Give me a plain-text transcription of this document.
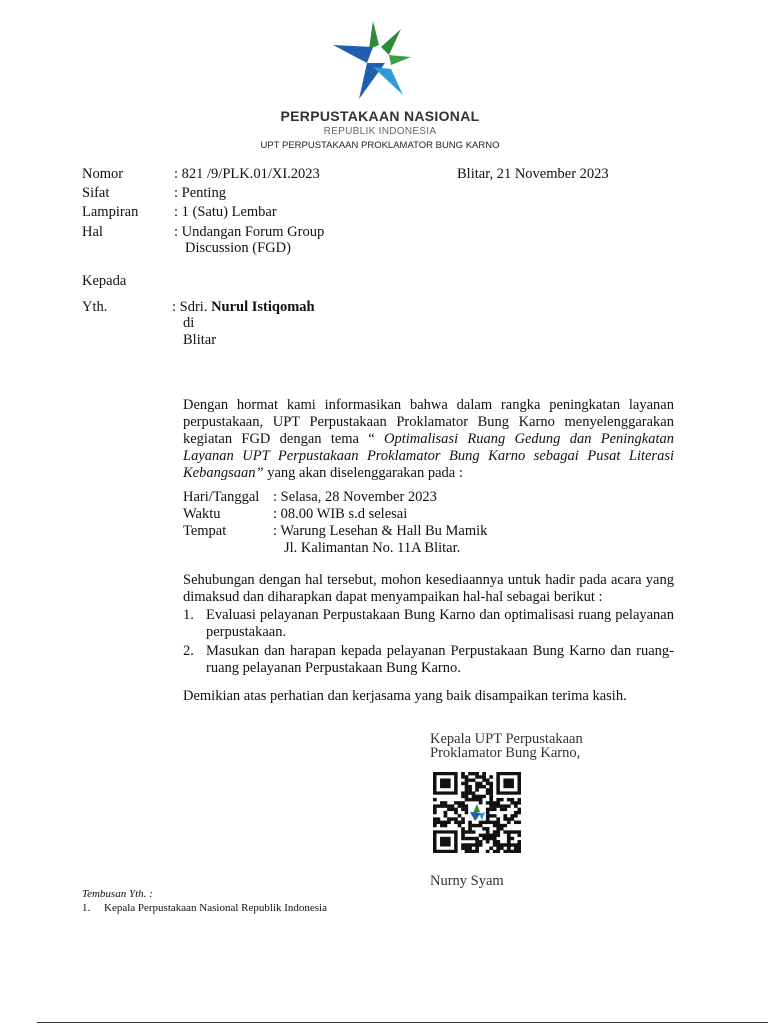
PERPUSTAKAAN NASIONAL
REPUBLIK INDONESIA
UPT PERPUSTAKAAN PROKLAMATOR BUNG KARNO
Nomor	: 821 /9/PLK.01/XI.2023	Blitar, 21 November 2023
Sifat	: Penting
Lampiran : 1 (Satu) Lembar
Hal	: Undangan Forum Group
Discussion (FGD)
Kepada
Yth.	: Sdri. Nurul Istiqomah
di
Blitar
Dengan hormat kami informasikan bahwa dalam rangka peningkatan layanan perpustakaan, UPT Perpustakaan Proklamator Bung Karno menyelenggarakan kegiatan FGD dengan tema “ Optimalisasi Ruang Gedung dan Peningkatan Layanan UPT Perpustakaan Proklamator Bung Karno sebagai Pusat Literasi Kebangsaan” yang akan diselenggarakan pada :
Hari/Tanggal : Selasa, 28 November 2023
Waktu	: 08.00 WIB s.d selesai
Tempat	: Warung Lesehan & Hall Bu Mamik
Jl. Kalimantan No. 11A Blitar.
Sehubungan dengan hal tersebut, mohon kesediaannya untuk hadir pada acara yang dimaksud dan diharapkan dapat menyampaikan hal-hal sebagai berikut :
1. Evaluasi pelayanan Perpustakaan Bung Karno dan optimalisasi ruang pelayanan perpustakaan.
2. Masukan dan harapan kepada pelayanan Perpustakaan Bung Karno dan ruang-ruang pelayanan Perpustakaan Bung Karno.
Demikian atas perhatian dan kerjasama yang baik disampaikan terima kasih.
Kepala UPT Perpustakaan
Proklamator Bung Karno,
Nurny Syam
Tembusan Yth. :
1. Kepala Perpustakaan Nasional Republik Indonesia
